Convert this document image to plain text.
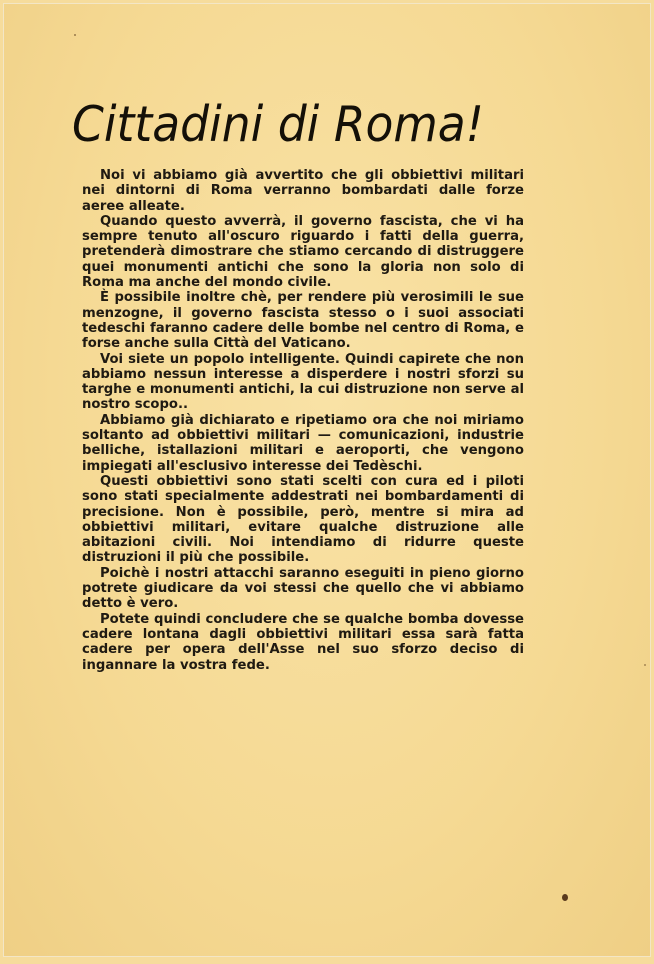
Cittadini di Roma!

Noi vi abbiamo già avvertito che gli obbiettivi militari nei dintorni di Roma verranno bombardati dalle forze aeree alleate.

Quando questo avverrà, il governo fascista, che vi ha sempre tenuto all'oscuro riguardo i fatti della guerra, pretenderà dimostrare che stiamo cercando di distruggere quei monumenti antichi che sono la gloria non solo di Roma ma anche del mondo civile.

È possibile inoltre chè, per rendere più verosimili le sue menzogne, il governo fascista stesso o i suoi associati tedeschi faranno cadere delle bombe nel centro di Roma, e forse anche sulla Città del Vaticano.

Voi siete un popolo intelligente. Quindi capirete che non abbiamo nessun interesse a disperdere i nostri sforzi su targhe e monumenti antichi, la cui distruzione non serve al nostro scopo..

Abbiamo già dichiarato e ripetiamo ora che noi miriamo soltanto ad obbiettivi militari — comunicazioni, industrie belliche, istallazioni militari e aeroporti, che vengono impiegati all'esclusivo interesse dei Tedèschi.

Questi obbiettivi sono stati scelti con cura ed i piloti sono stati specialmente addestrati nei bombardamenti di precisione. Non è possibile, però, mentre si mira ad obbiettivi militari, evitare qualche distruzione alle abitazioni civili. Noi intendiamo di ridurre queste distruzioni il più che possibile.

Poichè i nostri attacchi saranno eseguiti in pieno giorno potrete giudicare da voi stessi che quello che vi abbiamo detto è vero.

Potete quindi concludere che se qualche bomba dovesse cadere lontana dagli obbiettivi militari essa sarà fatta cadere per opera dell'Asse nel suo sforzo deciso di ingannare la vostra fede.
